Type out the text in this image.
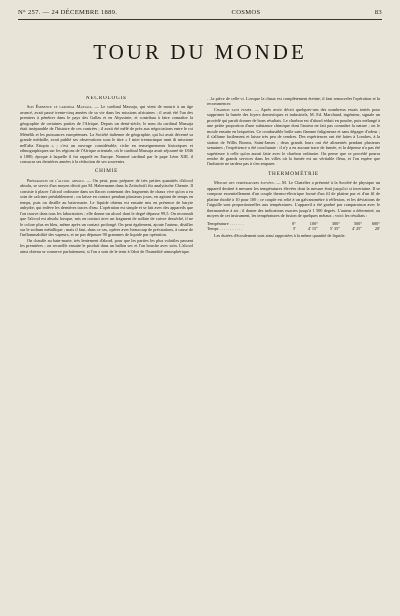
N° 257. — 24 DÉCEMBRE 1889.	COSMOS	83
TOUR DU MONDE
NÉCROLOGIE

Son Éminence le cardinal Massaja. — Le cardinal Massaja, qui vient de mourir à un âge avancé, avait passé trente-cinq années de sa vie dans les missions africaines ; il avait été l'un des premiers à pénétrer dans le pays des Gallas et en Abyssinie, et contribua à faire connaître la géographie de certaines parties de l'Afrique. Depuis un demi-siècle, le nom du cardinal Massaja était inséparable de l'histoire de ces contrées ; il avait été mêlé de près aux négociations entre le roi Ménélik et les puissances européennes. La Société italienne de géographie, qui lui avait décerné sa grande médaille, avait publié ses observations sous le titre « I miei trentacinque anni di missione nell'alta Etiopia » ; c'est un ouvrage considérable, riche en renseignements historiques et ethnographiques sur les régions de l'Afrique orientale, où le cardinal Massaja avait séjourné de 1846 à 1880, époque à laquelle il fut rappelé en Europe. Nommé cardinal par le pape Léon XIII, il consacra ses dernières années à la rédaction de ses souvenirs.

CHIMIE

Préparation de l'alcool absolu. — On peut, pour préparer de très petites quantités d'alcool absolu, se servir d'un moyen décrit par M. Habermann dans la Zeitschrift für analytische Chemie. Il consiste à placer l'alcool ordinaire dans un flacon contenant des fragments de chaux vive qu'on a eu soin de calciner préalablement ; on laisse en contact pendant plusieurs jours, en agitant de temps en temps, puis on distille au bain-marie. Le liquide obtenu est ensuite mis en présence de baryte anhydre, qui enlève les dernières traces d'eau. L'opération est simple et se fait avec des appareils que l'on trouve dans tous les laboratoires ; elle donne un alcool dont le degré dépasse 99,5. On reconnaît que l'alcool est absolu lorsque, mis en contact avec un fragment de sulfate de cuivre desséché, il ne le colore plus en bleu, même après un contact prolongé. On peut également, ajoute l'auteur, distiller sur le sodium métallique ; mais il faut, dans ce cas, opérer avec beaucoup de précautions, à cause de l'inflammabilité des vapeurs, et ne pas dépasser 90 grammes de liquide par opération.

On chauffe au bain-marie, très lentement d'abord, pour que les parties les plus volatiles passent les premières ; on recueille ensuite le produit dans un ballon sec et l'on bouche avec soin. L'alcool ainsi obtenu se conserve parfaitement, si l'on a soin de le tenir à l'abri de l'humidité atmosphérique.

…la pièce de celle-ci. Lorsque la chaux est complètement éteinte, il faut renouveler l'opération et la recommencer.

Charbon sans fumée. — Après avoir décrit quelques-uns des nombreux essais tentés pour supprimer la fumée des foyers domestiques et industriels, M. Ed. Marchand, ingénieur, signale un procédé qui paraît donner de bons résultats. Le charbon est d'abord réduit en poudre, puis mélangé à une petite proportion d'une substance chimique dont l'auteur ne fait pas connaître la nature ; on le moule ensuite en briquettes. Ce combustible brûle sans flamme fuligineuse et sans dégager d'odeur ; il s'allume facilement et laisse très peu de cendres. Des expériences ont été faites à Londres, à la station de Willis Rooms, Saint-James ; deux grands fours ont été alimentés pendant plusieurs semaines ; l'expérience a été concluante : il n'y a eu aucune trace de fumée, et la dépense n'a pas été supérieure à celle qu'on aurait faite avec le charbon ordinaire. On pense que ce procédé pourra rendre de grands services dans les villes où la fumée est un véritable fléau, et l'on espère que l'industrie ne tardera pas à s'en emparer.

THERMOMÉTRIE

Mesure des températures élevées. — M. Le Chatelier a présenté à la Société de physique un appareil destiné à mesurer les températures élevées dont la mesure était jusqu'ici si incertaine. Il se compose essentiellement d'un couple thermo-électrique formé d'un fil de platine pur et d'un fil de platine rhodié à 10 pour 100 ; ce couple est relié à un galvanomètre à réflexion, et les déviations de l'aiguille sont proportionnelles aux températures. L'appareil a été gradué par comparaison avec le thermomètre à air ; il donne des indications exactes jusqu'à 1 500 degrés. L'auteur a déterminé, au moyen de cet instrument, les températures de fusion de quelques métaux ; voici les résultats :

Température . . . . . . .	0°	100°	300°	500°	600°
Temps . . . . . . . . . . .	5'	4' 15"	5' 35"	4' 25"	20'

Les durées d'écoulement sont ainsi rapportées à la même quantité de liquide.
